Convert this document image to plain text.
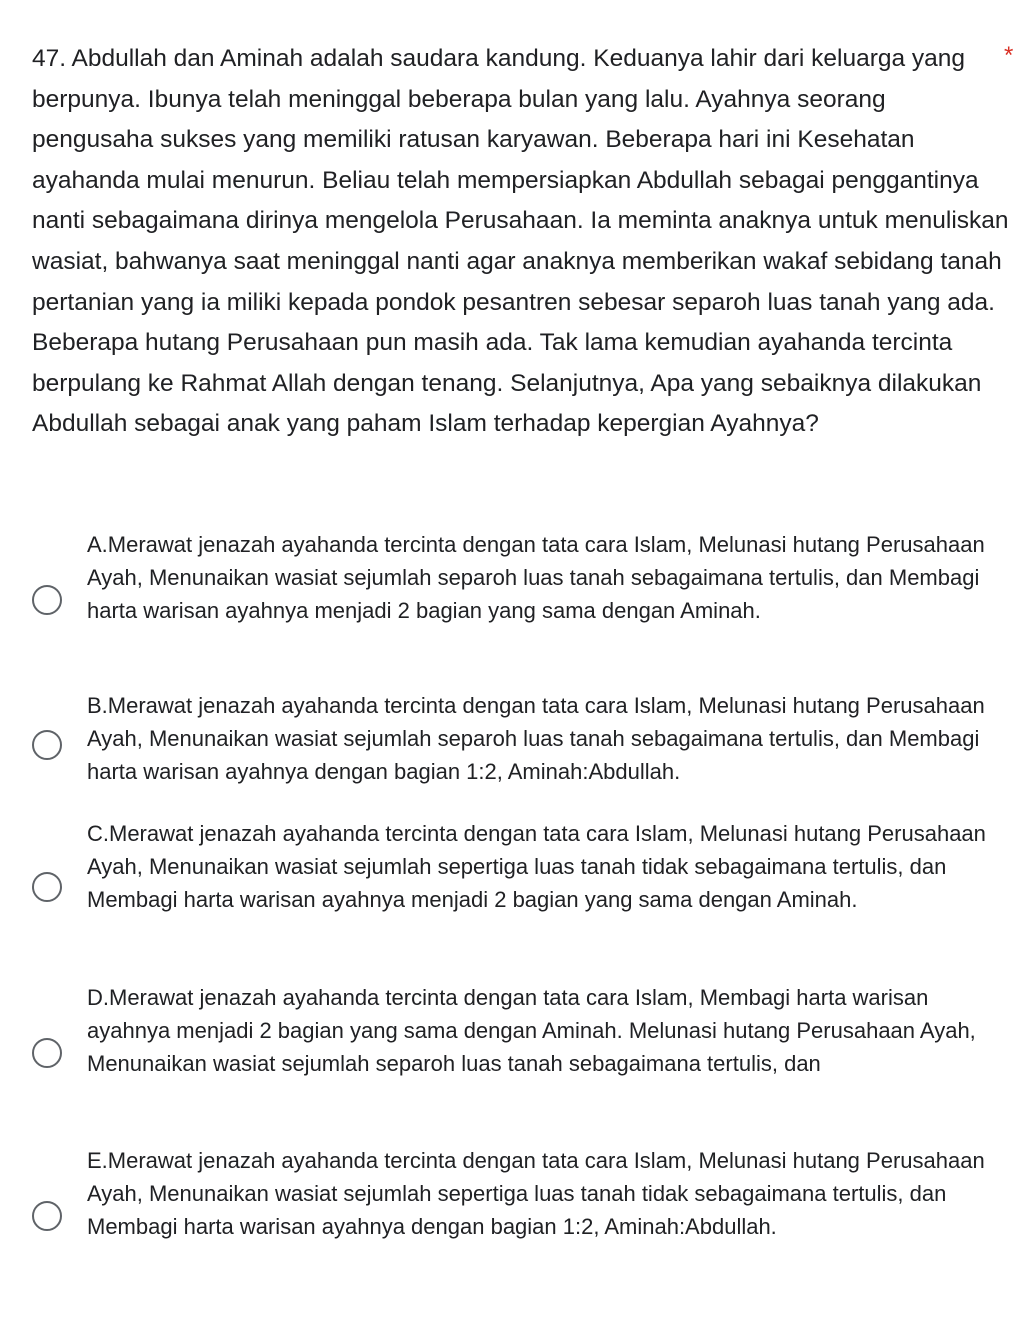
47. Abdullah dan Aminah adalah saudara kandung. Keduanya lahir dari keluarga yang berpunya. Ibunya telah meninggal beberapa bulan yang lalu. Ayahnya seorang pengusaha sukses yang memiliki ratusan karyawan. Beberapa hari ini Kesehatan ayahanda mulai menurun. Beliau telah mempersiapkan Abdullah sebagai penggantinya nanti sebagaimana dirinya mengelola Perusahaan. Ia meminta anaknya untuk menuliskan wasiat, bahwanya saat meninggal nanti agar anaknya memberikan wakaf sebidang tanah pertanian yang ia miliki kepada pondok pesantren sebesar separoh luas tanah yang ada. Beberapa hutang Perusahaan pun masih ada. Tak lama kemudian ayahanda tercinta berpulang ke Rahmat Allah dengan tenang. Selanjutnya, Apa yang sebaiknya dilakukan Abdullah sebagai anak yang paham Islam terhadap kepergian Ayahnya?
*
A.Merawat jenazah ayahanda tercinta dengan tata cara Islam, Melunasi hutang Perusahaan Ayah, Menunaikan wasiat sejumlah separoh luas tanah sebagaimana tertulis, dan Membagi harta warisan ayahnya menjadi 2 bagian yang sama dengan Aminah.
B.Merawat jenazah ayahanda tercinta dengan tata cara Islam, Melunasi hutang Perusahaan Ayah, Menunaikan wasiat sejumlah separoh luas tanah sebagaimana tertulis, dan Membagi harta warisan ayahnya dengan bagian 1:2, Aminah:Abdullah.
C.Merawat jenazah ayahanda tercinta dengan tata cara Islam, Melunasi hutang Perusahaan Ayah, Menunaikan wasiat sejumlah sepertiga luas tanah tidak sebagaimana tertulis, dan Membagi harta warisan ayahnya menjadi 2 bagian yang sama dengan Aminah.
D.Merawat jenazah ayahanda tercinta dengan tata cara Islam, Membagi harta warisan ayahnya menjadi 2 bagian yang sama dengan Aminah. Melunasi hutang Perusahaan Ayah, Menunaikan wasiat sejumlah separoh luas tanah sebagaimana tertulis, dan
E.Merawat jenazah ayahanda tercinta dengan tata cara Islam, Melunasi hutang Perusahaan Ayah, Menunaikan wasiat sejumlah sepertiga luas tanah tidak sebagaimana tertulis, dan Membagi harta warisan ayahnya dengan bagian 1:2, Aminah:Abdullah.
